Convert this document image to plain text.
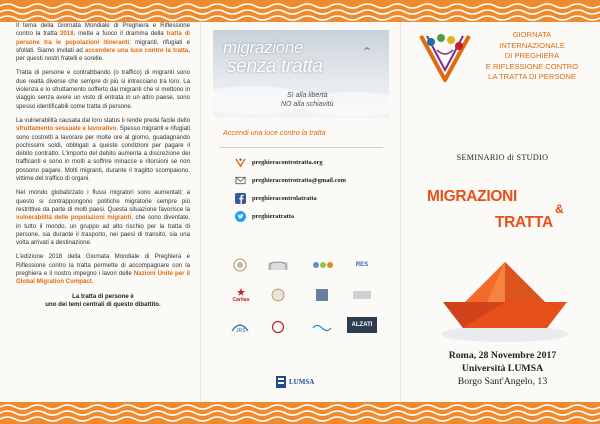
Il tema della Giornata Mondiale di Preghiera e Riflessione contro la tratta 2018, mette a fuoco il dramma della tratta di persone tra le popolazioni itineranti: migranti, rifugiati e sfollati. Siamo invitati ad accendere una luce contro la tratta, per questi nostri fratelli e sorelle.

Tratta di persone e contrabbando (o traffico) di migranti sono due realtà diverse che sempre di più si intrecciano tra loro. La violenza e lo sfruttamento sofferto dai migranti che si mettono in viaggio senza avere un visto di entrata in un altro paese, sono spesso identificabili come tratta di persone.

La vulnerabilità causata dal loro status li rende preda facile dello sfruttamento sessuale e lavorativo. Spesso migranti e rifugiati sono costretti a lavorare per molte ore al giorno, guadagnando pochissimi soldi, obbligati a queste condizioni per pagare il debito contratto. L'importo del debito aumenta a discrezione dei trafficanti e sono in molti a soffrire minacce e ritorsioni se non possono pagare. Molti migranti, durante il tragitto scompaiono, vittime del traffico di organi.

Nel mondo globalizzato i flussi migratori sono aumentati; a questo si contrappongono politiche migratorie sempre più restrittive da parte di molti paesi. Questa situazione favorisce la vulnerabilità delle popolazioni migranti, che sono diventate, in tutto il mondo, un gruppo ad alto rischio per la tratta di persone, sia durante il trasporto, nei paesi di transito, sia una volta arrivati a destinazione.

L'edizione 2018 della Giornata Mondiale di Preghiera e Riflessione contro la tratta permette di accompagnare con la preghiera e il nostro impegno i lavori delle Nazioni Unite per il Global Migration Compact.

La tratta di persone è
uno dei temi centrali di questo dibattito.
migrazione
senza tratta
Sì alla libertà
NO alla schiavitù
Accendi una luce contro la tratta
preghieracontrotratta.org
preghieracontrotratta@gmail.com
preghieracontrolatratta
preghieratratta
RES
Caritas
JRS
ALZATI
LUMSA
GIORNATA
INTERNAZIONALE
DI PREGHIERA
E RIFLESSIONE CONTRO
LA TRATTA DI PERSONE
SEMINARIO di STUDIO
MIGRAZIONI
&
TRATTA
Roma, 28 Novembre 2017
Università LUMSA
Borgo Sant'Angelo, 13
